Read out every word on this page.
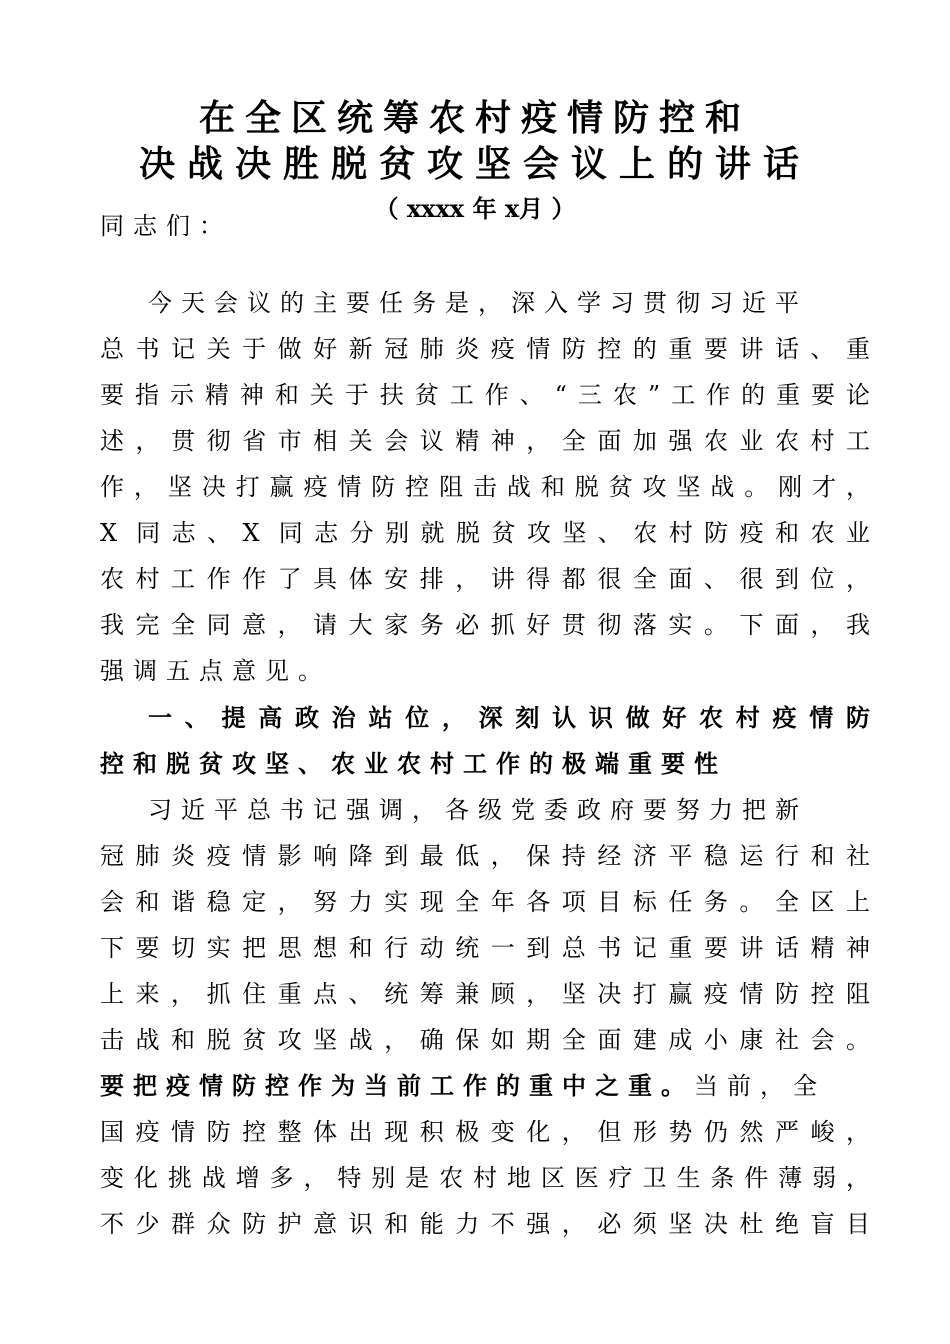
在全区统筹农村疫情防控和
决战决胜脱贫攻坚会议上的讲话
（ xxxx 年 x月 ）
同志们：
今天会议的主要任务是，深入学习贯彻习近平
总书记关于做好新冠肺炎疫情防控的重要讲话、重
要指示精神和关于扶贫工作、“三农”工作的重要论
述，贯彻省市相关会议精神，全面加强农业农村工
作，坚决打赢疫情防控阻击战和脱贫攻坚战。刚才，
X 同志、X 同志分别就脱贫攻坚、农村防疫和农业
农村工作作了具体安排，讲得都很全面、很到位，
我完全同意，请大家务必抓好贯彻落实。下面，我
强调五点意见。
一、提高政治站位，深刻认识做好农村疫情防
控和脱贫攻坚、农业农村工作的极端重要性
习近平总书记强调，各级党委政府要努力把新
冠肺炎疫情影响降到最低，保持经济平稳运行和社
会和谐稳定，努力实现全年各项目标任务。全区上
下要切实把思想和行动统一到总书记重要讲话精神
上来，抓住重点、统筹兼顾，坚决打赢疫情防控阻
击战和脱贫攻坚战，确保如期全面建成小康社会。
要把疫情防控作为当前工作的重中之重。当前，全
国疫情防控整体出现积极变化，但形势仍然严峻，
变化挑战增多，特别是农村地区医疗卫生条件薄弱，
不少群众防护意识和能力不强，必须坚决杜绝盲目
